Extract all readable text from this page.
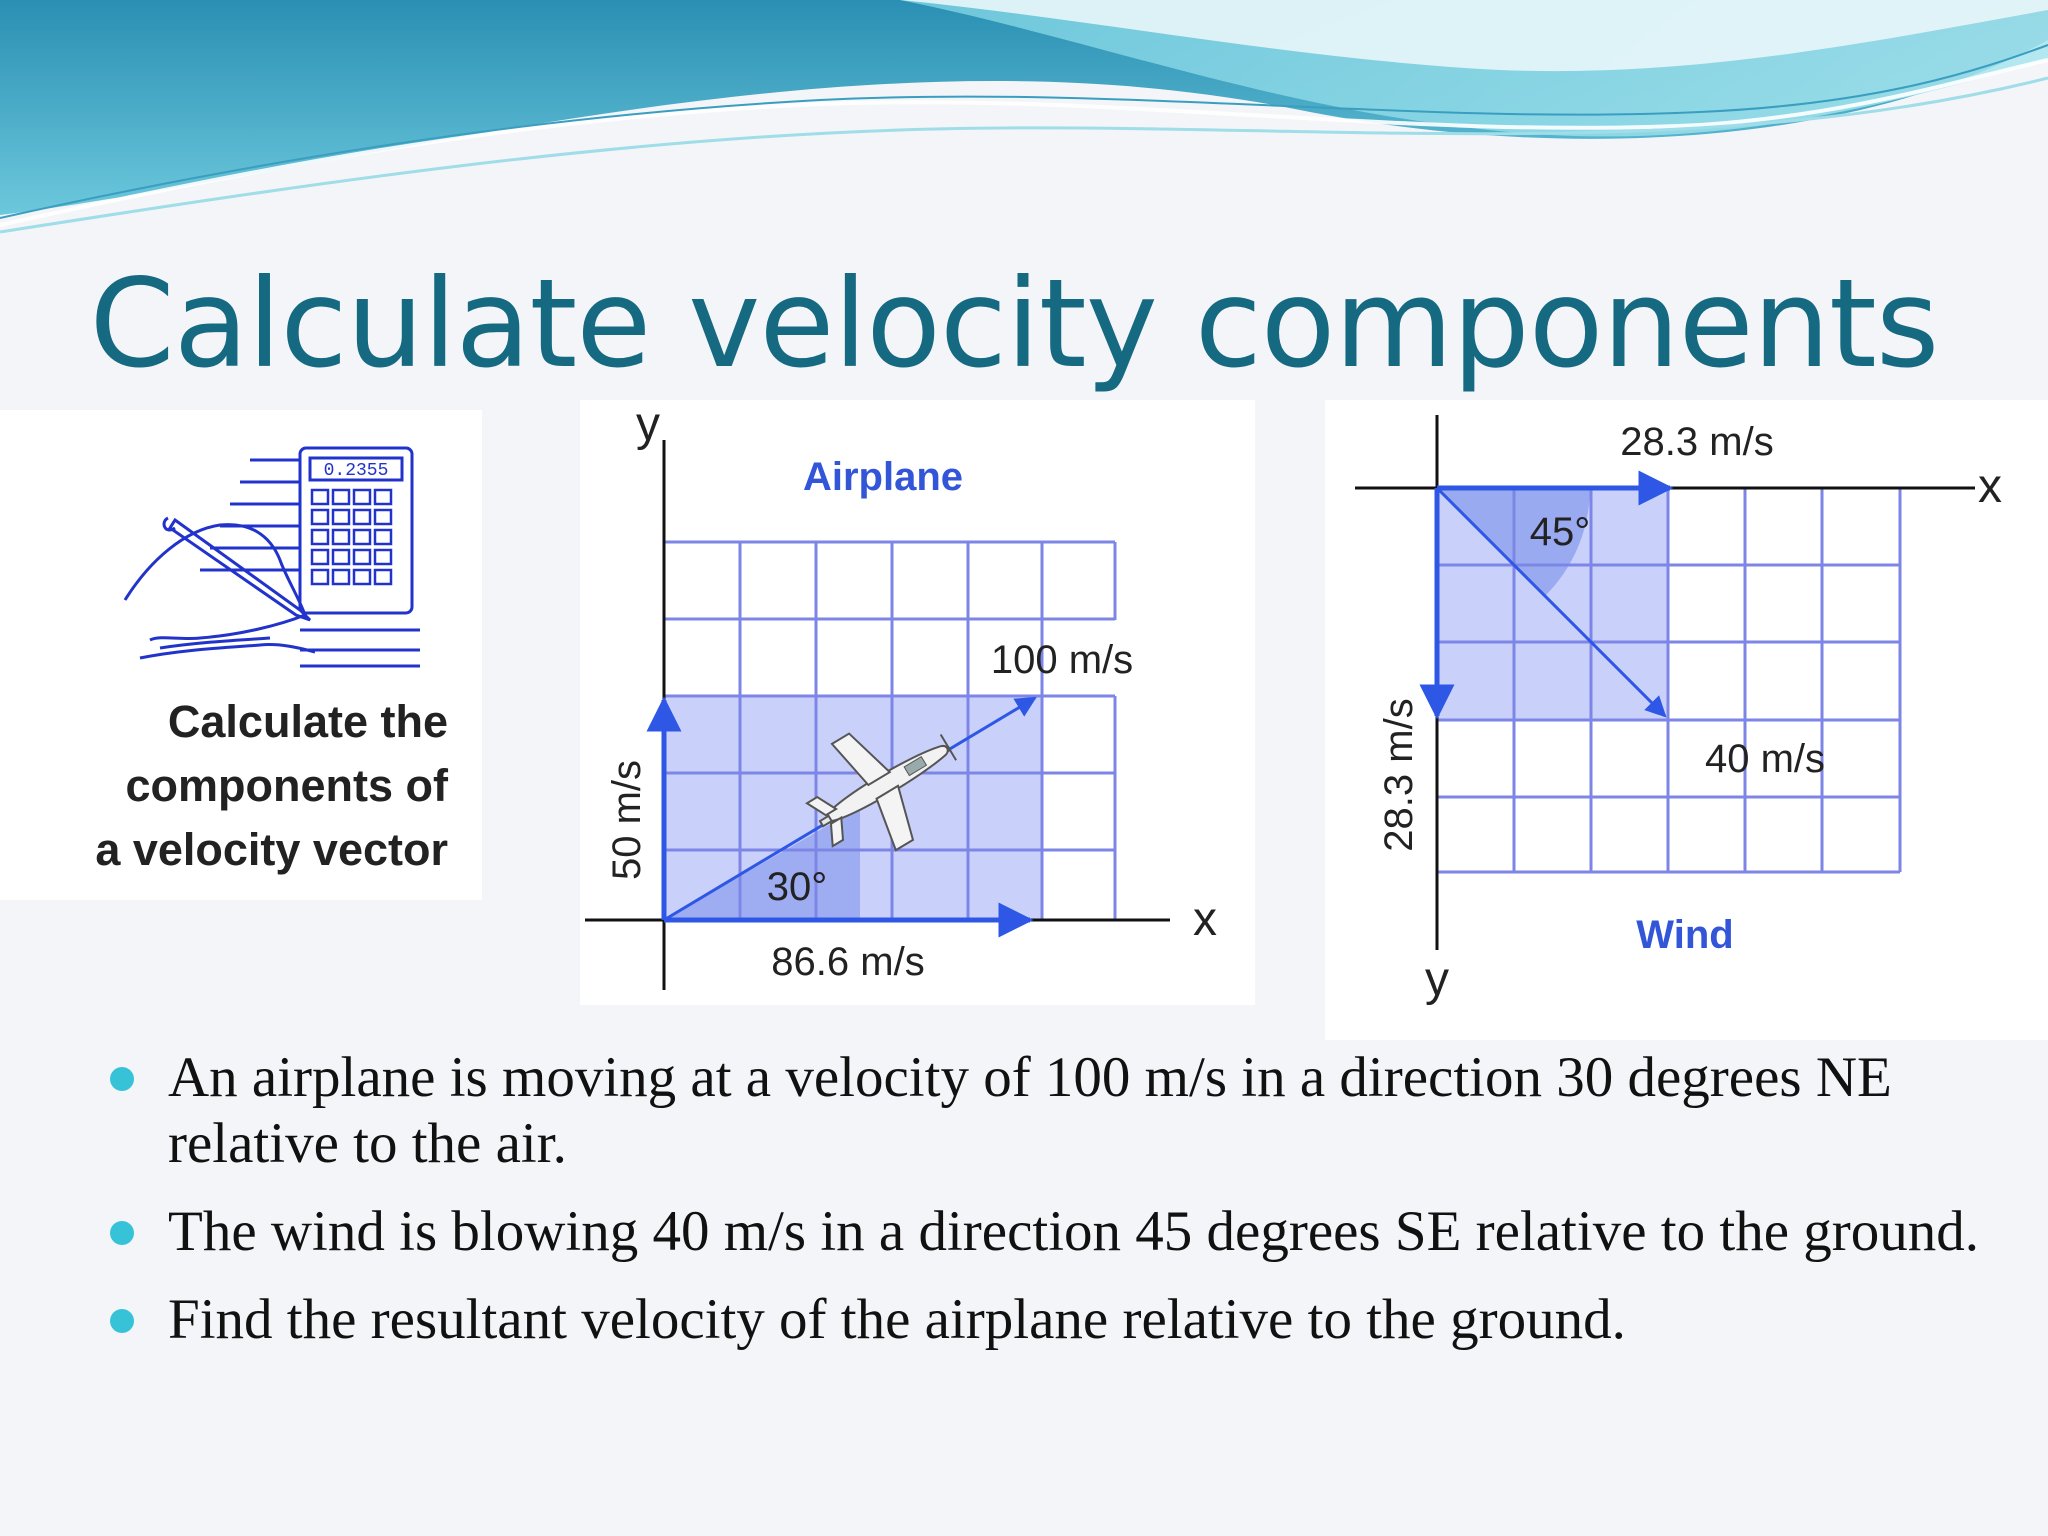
Calculate velocity components
0.2355
Calculate the
components of
a velocity vector
y
x
Airplane
100 m/s
86.6 m/s
50 m/s
30°
x
y
Wind
28.3 m/s
28.3 m/s	40 m/s
45°
An airplane is moving at a velocity of 100 m/s in a direction 30 degrees NE relative to the air.
The wind is blowing 40 m/s in a direction 45 degrees SE relative to the ground.
Find the resultant velocity of the airplane relative to the ground.
